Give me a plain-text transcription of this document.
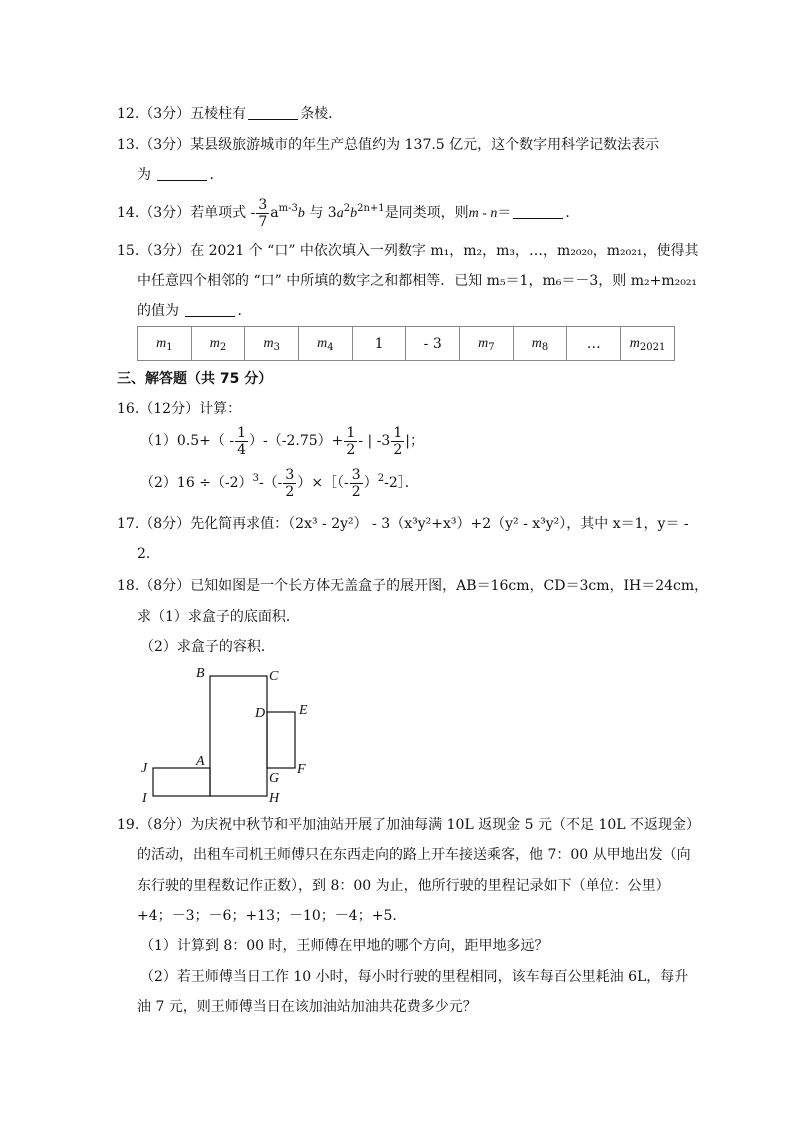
12.（3分）五棱柱有	条棱．
13.（3分）某县级旅游城市的年生产总值约为 137.5 亿元，这个数字用科学记数法表示
为	．
14.（3分）若单项式 - $\frac{3}{7} a^{m-3}b$ 与 $3a^2b^{2n+1}$是同类项，则m - n＝	．
15.（3分）在 2021 个 “口” 中依次填入一列数字 m₁，m₂，m₃，…，m₂₀₂₀，m₂₀₂₁，使得其
中任意四个相邻的 “口” 中所填的数字之和都相等．已知 m₅＝1，m₆＝－3，则 m₂+m₂₀₂₁
的值为	．
$m_1$	$m_2$	$m_3$	$m_4$	1	- 3	$m_7$	$m_8$	…	$m_{2021}$
三、解答题（共 75 分）
16.（12分）计算：
$(1)0.5+( - \frac{1}{4} )-(-2.75)+ \frac{1}{2}$ - | $-3 \frac{1}{2}$ |；
$(2)16 \div(-2)^3-(- \frac{3}{2}$ ）×［（- $\frac{3}{2}$ ）$^2$-2］．
17.（8分）先化简再求值：（2x³ - 2y²） - 3（x³y²+x³）+2（y² - x³y²），其中 x＝1，y＝ -
2．
18.（8分）已知如图是一个长方体无盖盒子的展开图，AB＝16cm，CD＝3cm，IH＝24cm，
求（1）求盒子的底面积．
（2）求盒子的容积．
B	C
D E
A
J
G
F
I	H
19.（8分）为庆祝中秋节和平加油站开展了加油每满 10L 返现金 5 元（不足 10L 不返现金）
的活动，出租车司机王师傅只在东西走向的路上开车接送乘客，他 7：00 从甲地出发（向
东行驶的里程数记作正数），到 8：00 为止，他所行驶的里程记录如下（单位：公里）
+4；－3；－6；+13；－10；－4；+5．
（1）计算到 8：00 时，王师傅在甲地的哪个方向，距甲地多远？
（2）若王师傅当日工作 10 小时，每小时行驶的里程相同，该车每百公里耗油 6L，每升
油 7 元，则王师傅当日在该加油站加油共花费多少元？
